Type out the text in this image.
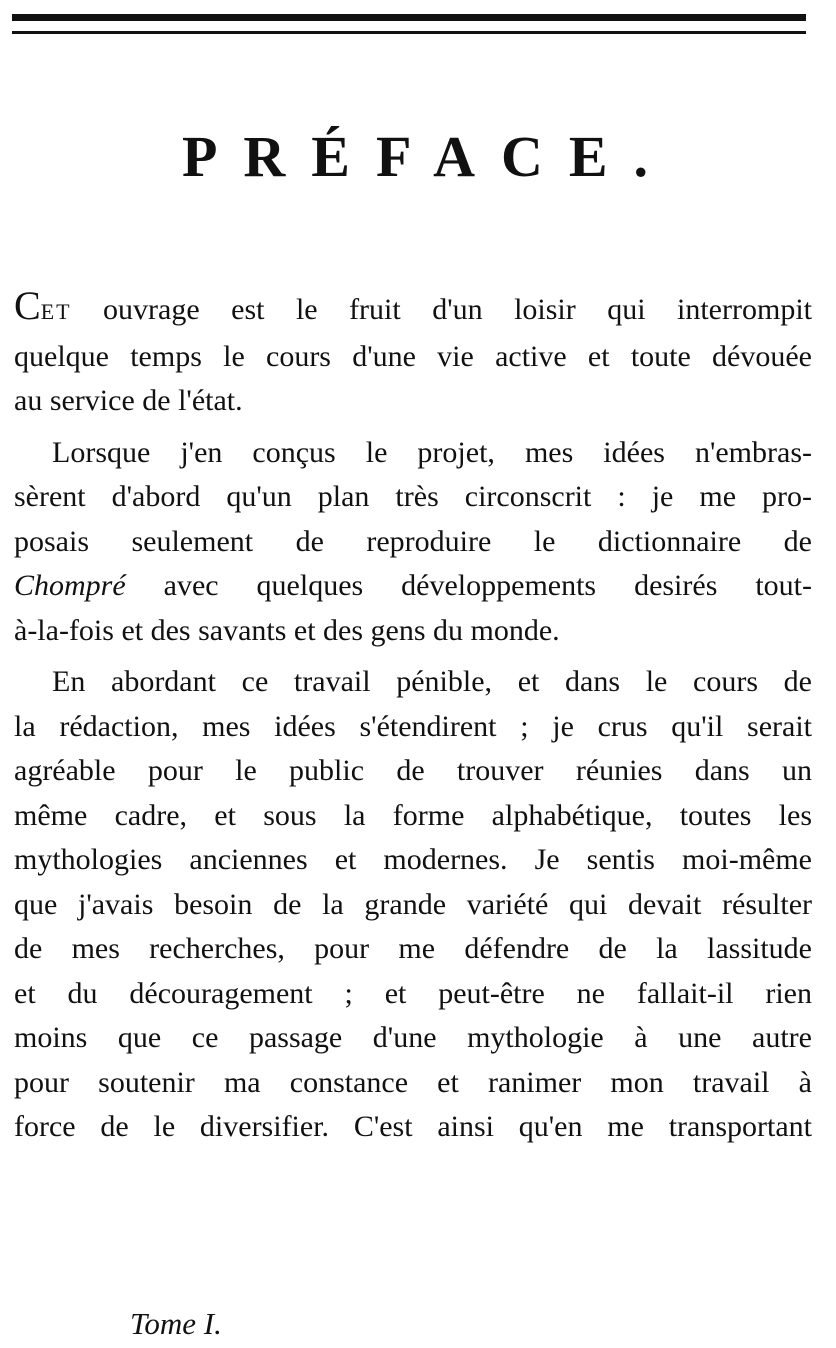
PRÉFACE.
CET ouvrage est le fruit d'un loisir qui interrompit
quelque temps le cours d'une vie active et toute dévouée
au service de l'état.
Lorsque j'en conçus le projet, mes idées n'embras-
sèrent d'abord qu'un plan très circonscrit : je me pro-
posais seulement de reproduire le dictionnaire de
Chompré avec quelques développements desirés tout-
à-la-fois et des savants et des gens du monde.
En abordant ce travail pénible, et dans le cours de
la rédaction, mes idées s'étendirent ; je crus qu'il serait
agréable pour le public de trouver réunies dans un
même cadre, et sous la forme alphabétique, toutes les
mythologies anciennes et modernes. Je sentis moi-même
que j'avais besoin de la grande variété qui devait résulter
de mes recherches, pour me défendre de la lassitude
et du découragement ; et peut-être ne fallait-il rien
moins que ce passage d'une mythologie à une autre
pour soutenir ma constance et ranimer mon travail à
force de le diversifier. C'est ainsi qu'en me transportant
Tome I.
